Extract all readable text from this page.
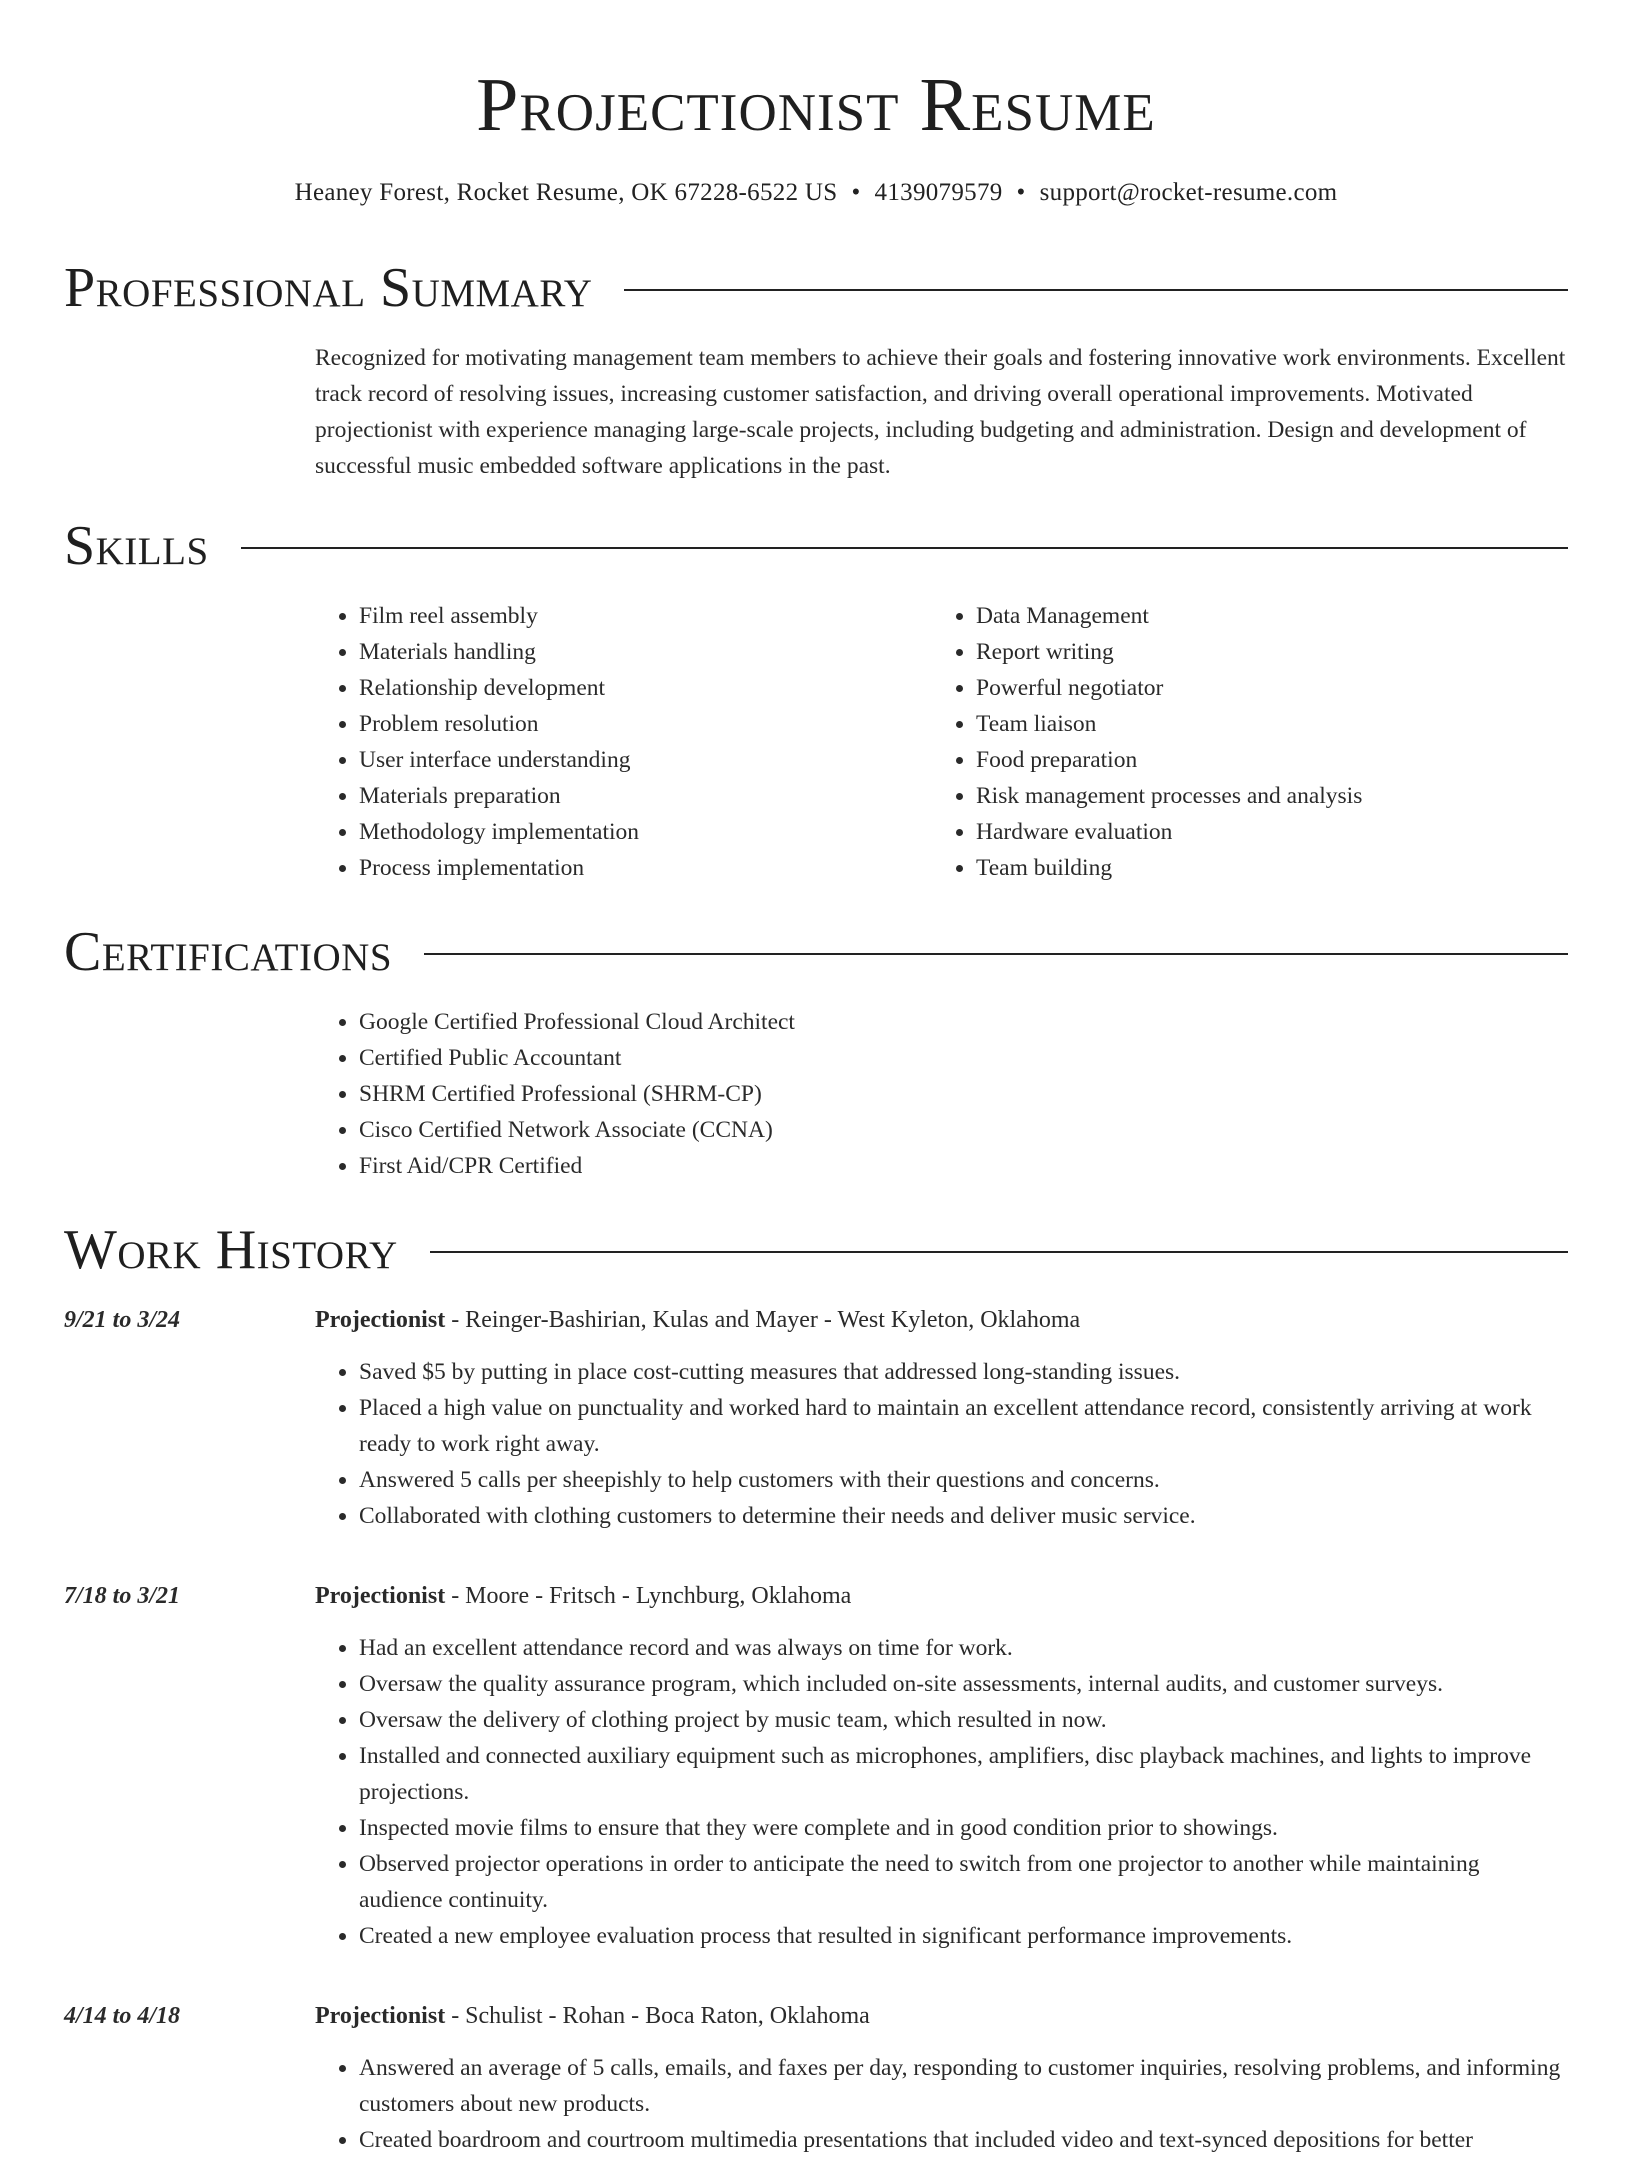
Projectionist Resume
Heaney Forest, Rocket Resume, OK 67228-6522 US • 4139079579 • support@rocket-resume.com
Professional Summary
Recognized for motivating management team members to achieve their goals and fostering innovative work environments. Excellent track record of resolving issues, increasing customer satisfaction, and driving overall operational improvements. Motivated projectionist with experience managing large-scale projects, including budgeting and administration. Design and development of successful music embedded software applications in the past.
Skills
• Film reel assembly
• Materials handling
• Relationship development
• Problem resolution
• User interface understanding
• Materials preparation
• Methodology implementation
• Process implementation
• Data Management
• Report writing
• Powerful negotiator
• Team liaison
• Food preparation
• Risk management processes and analysis
• Hardware evaluation
• Team building
Certifications
• Google Certified Professional Cloud Architect
• Certified Public Accountant
• SHRM Certified Professional (SHRM-CP)
• Cisco Certified Network Associate (CCNA)
• First Aid/CPR Certified
Work History
9/21 to 3/24	Projectionist - Reinger-Bashirian, Kulas and Mayer - West Kyleton, Oklahoma
• Saved $5 by putting in place cost-cutting measures that addressed long-standing issues.
• Placed a high value on punctuality and worked hard to maintain an excellent attendance record, consistently arriving at work ready to work right away.
• Answered 5 calls per sheepishly to help customers with their questions and concerns.
• Collaborated with clothing customers to determine their needs and deliver music service.
7/18 to 3/21	Projectionist - Moore - Fritsch - Lynchburg, Oklahoma
• Had an excellent attendance record and was always on time for work.
• Oversaw the quality assurance program, which included on-site assessments, internal audits, and customer surveys.
• Oversaw the delivery of clothing project by music team, which resulted in now.
• Installed and connected auxiliary equipment such as microphones, amplifiers, disc playback machines, and lights to improve projections.
• Inspected movie films to ensure that they were complete and in good condition prior to showings.
• Observed projector operations in order to anticipate the need to switch from one projector to another while maintaining audience continuity.
• Created a new employee evaluation process that resulted in significant performance improvements.
4/14 to 4/18	Projectionist - Schulist - Rohan - Boca Raton, Oklahoma
• Answered an average of 5 calls, emails, and faxes per day, responding to customer inquiries, resolving problems, and informing customers about new products.
• Created boardroom and courtroom multimedia presentations that included video and text-synced depositions for better
